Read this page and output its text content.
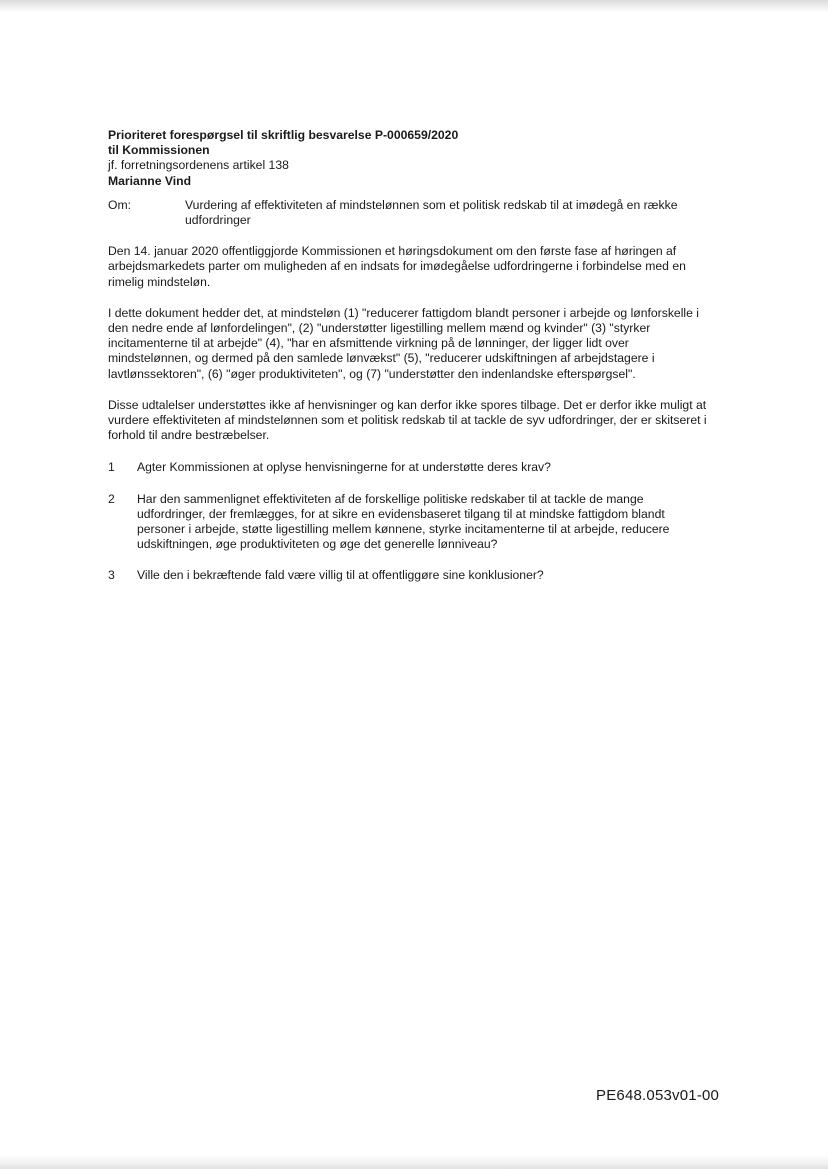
Prioriteret forespørgsel til skriftlig besvarelse P-000659/2020
til Kommissionen
jf. forretningsordenens artikel 138
Marianne Vind
Om:	Vurdering af effektiviteten af mindstelønnen som et politisk redskab til at imødegå en række udfordringer

Den 14. januar 2020 offentliggjorde Kommissionen et høringsdokument om den første fase af høringen af arbejdsmarkedets parter om muligheden af en indsats for imødegåelse udfordringerne i forbindelse med en rimelig mindsteløn.

I dette dokument hedder det, at mindsteløn (1) "reducerer fattigdom blandt personer i arbejde og lønforskelle i den nedre ende af lønfordelingen", (2) "understøtter ligestilling mellem mænd og kvinder" (3) "styrker incitamenterne til at arbejde" (4), "har en afsmittende virkning på de lønninger, der ligger lidt over mindstelønnen, og dermed på den samlede lønvækst" (5), "reducerer udskiftningen af arbejdstagere i lavtlønssektoren", (6) "øger produktiviteten", og (7) "understøtter den indenlandske efterspørgsel".

Disse udtalelser understøttes ikke af henvisninger og kan derfor ikke spores tilbage. Det er derfor ikke muligt at vurdere effektiviteten af mindstelønnen som et politisk redskab til at tackle de syv udfordringer, der er skitseret i forhold til andre bestræbelser.

1	Agter Kommissionen at oplyse henvisningerne for at understøtte deres krav?
2	Har den sammenlignet effektiviteten af de forskellige politiske redskaber til at tackle de mange udfordringer, der fremlægges, for at sikre en evidensbaseret tilgang til at mindske fattigdom blandt personer i arbejde, støtte ligestilling mellem kønnene, styrke incitamenterne til at arbejde, reducere udskiftningen, øge produktiviteten og øge det generelle lønniveau?
3	Ville den i bekræftende fald være villig til at offentliggøre sine konklusioner?
PE648.053v01-00
